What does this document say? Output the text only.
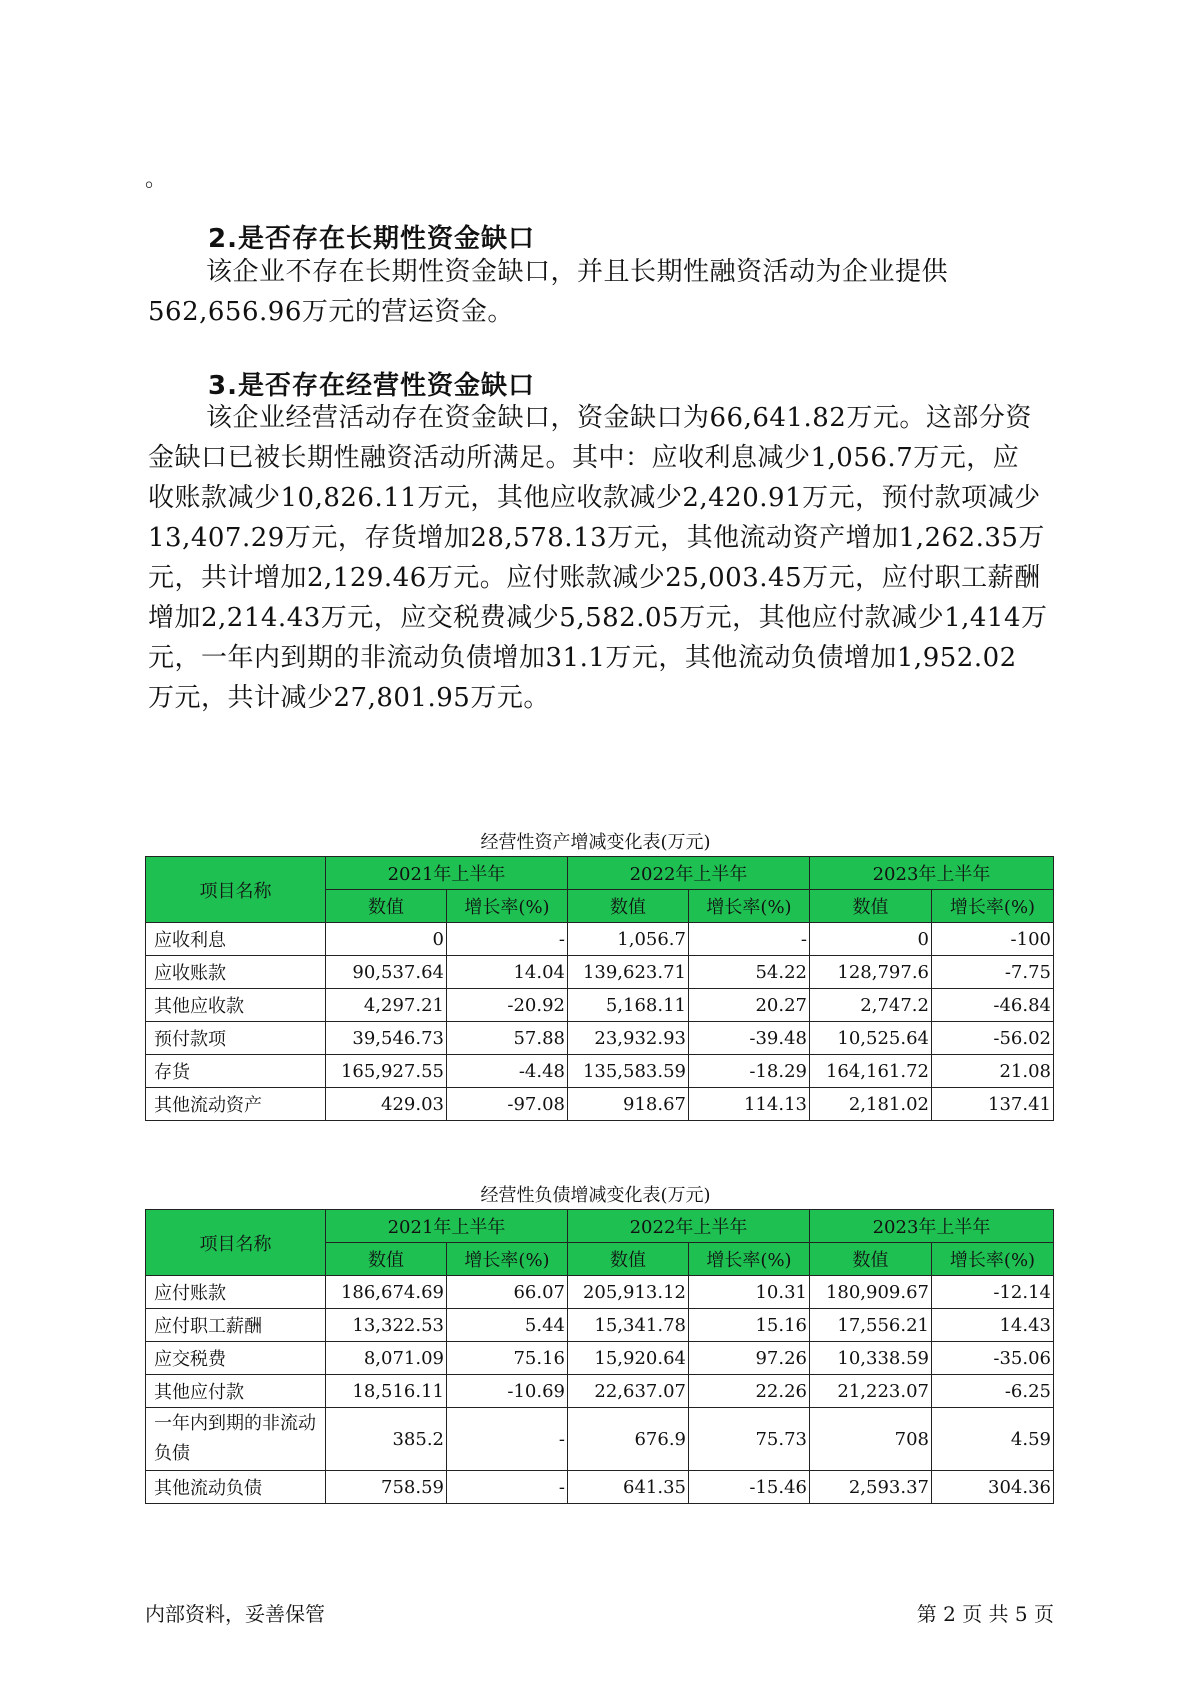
。
2.是否存在长期性资金缺口
该企业不存在长期性资金缺口，并且长期性融资活动为企业提供
562,656.96万元的营运资金。
3.是否存在经营性资金缺口
该企业经营活动存在资金缺口，资金缺口为66,641.82万元。这部分资
金缺口已被长期性融资活动所满足。其中：应收利息减少1,056.7万元，应
收账款减少10,826.11万元，其他应收款减少2,420.91万元，预付款项减少
13,407.29万元，存货增加28,578.13万元，其他流动资产增加1,262.35万
元，共计增加2,129.46万元。应付账款减少25,003.45万元，应付职工薪酬
增加2,214.43万元，应交税费减少5,582.05万元，其他应付款减少1,414万
元，一年内到期的非流动负债增加31.1万元，其他流动负债增加1,952.02
万元，共计减少27,801.95万元。
经营性资产增减变化表(万元)
项目名称	2021年上半年		2022年上半年		2023年上半年	
	数值	增长率(%)	数值	增长率(%)	数值	增长率(%)
应收利息	0	-	1,056.7	-	0	-100
应收账款	90,537.64	14.04	139,623.71	54.22	128,797.6	-7.75
其他应收款	4,297.21	-20.92	5,168.11	20.27	2,747.2	-46.84
预付款项	39,546.73	57.88	23,932.93	-39.48	10,525.64	-56.02
存货	165,927.55	-4.48	135,583.59	-18.29	164,161.72	21.08
其他流动资产	429.03	-97.08	918.67	114.13	2,181.02	137.41
经营性负债增减变化表(万元)
项目名称	2021年上半年		2022年上半年		2023年上半年	
	数值	增长率(%)	数值	增长率(%)	数值	增长率(%)
应付账款	186,674.69	66.07	205,913.12	10.31	180,909.67	-12.14
应付职工薪酬	13,322.53	5.44	15,341.78	15.16	17,556.21	14.43
应交税费	8,071.09	75.16	15,920.64	97.26	10,338.59	-35.06
其他应付款	18,516.11	-10.69	22,637.07	22.26	21,223.07	-6.25
一年内到期的非流动负债	385.2	-	676.9	75.73	708	4.59
其他流动负债	758.59	-	641.35	-15.46	2,593.37	304.36
内部资料，妥善保管	第 2 页 共 5 页
